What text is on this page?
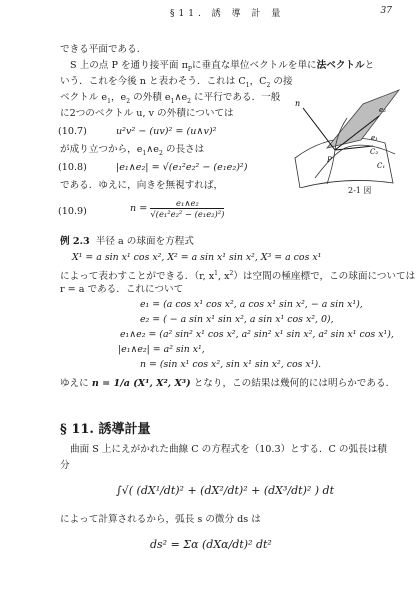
§11. 誘 導 計 量	37
できる平面である．
S 上の点 P を通り接平面 $\pi_P$に垂直な単位ベクトルを単に法ベクトルと
いう．これを今後 n と表わそう．これは $C_1$，$C_2$ の接
ベクトル $e_1$，$e_2$ の外積 $e_1\wedge e_2$ に平行である．一般
に2つのベクトル u, v の外積については
(10.7)	u²v² − (uv)² = (u∧v)²
が成り立つから，$e_1\wedge e_2$ の長さは
(10.8)	|e₁∧e₂| = √(e₁²e₂² − (e₁e₂)²)
である．ゆえに，向きを無視すれば，
(10.9)	$n = \frac{\text{e₁∧e₂}}{\text{√(e₁²e₂² − (e₁e₂)²)}}$
n
e₂
e₁
C₂
C₁
P
2-1 図
例 2.3 半径 a の球面を方程式
X¹ = a sin x¹ cos x², X² = a sin x¹ sin x², X³ = a cos x¹
によって表わすことができる．（r, $x^1$, $x^2$）は空間の極座標で，この球面については
r = a である．これについて
e₁ = (a cos x¹ cos x², a cos x¹ sin x², − a sin x¹),
e₂ = ( − a sin x¹ sin x², a sin x¹ cos x², 0),
e₁∧e₂ = (a² sin² x¹ cos x², a² sin² x¹ sin x², a² sin x¹ cos x¹),
|e₁∧e₂| = a² sin x¹,
n = (sin x¹ cos x², sin x¹ sin x², cos x¹).
ゆえに n = 1/a (X¹, X², X³) となり，この結果は幾何的には明らかである．
§ 11. 誘導計量
曲面 S 上にえがかれた曲線 C の方程式を（10.3）とする．C の弧長は積
分
∫√( (dX¹/dt)² + (dX²/dt)² + (dX³/dt)² ) dt
によって計算されるから，弧長 s の微分 ds は
ds² = Σα (dXα/dt)² dt²
